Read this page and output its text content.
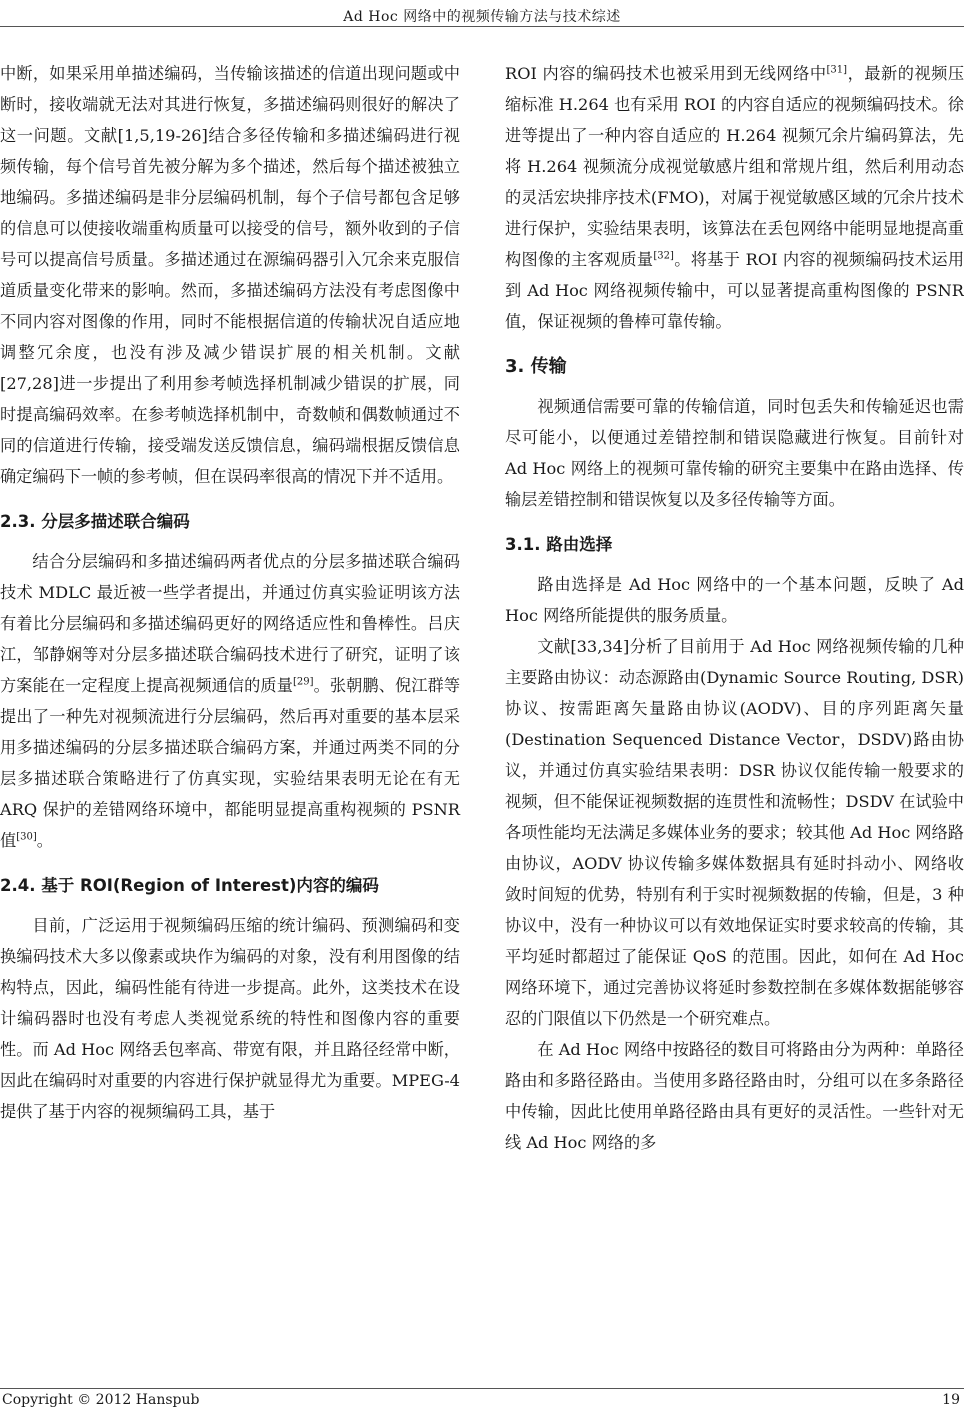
Ad Hoc 网络中的视频传输方法与技术综述

中断，如果采用单描述编码，当传输该描述的信道出现问题或中断时，接收端就无法对其进行恢复，多描述编码则很好的解决了这一问题。文献[1,5,19-26]结合多径传输和多描述编码进行视频传输，每个信号首先被分解为多个描述，然后每个描述被独立地编码。多描述编码是非分层编码机制，每个子信号都包含足够的信息可以使接收端重构质量可以接受的信号，额外收到的子信号可以提高信号质量。多描述通过在源编码器引入冗余来克服信道质量变化带来的影响。然而，多描述编码方法没有考虑图像中不同内容对图像的作用，同时不能根据信道的传输状况自适应地调整冗余度，也没有涉及减少错误扩展的相关机制。文献[27,28]进一步提出了利用参考帧选择机制减少错误的扩展，同时提高编码效率。在参考帧选择机制中，奇数帧和偶数帧通过不同的信道进行传输，接受端发送反馈信息，编码端根据反馈信息确定编码下一帧的参考帧，但在误码率很高的情况下并不适用。

2.3. 分层多描述联合编码

结合分层编码和多描述编码两者优点的分层多描述联合编码技术 MDLC 最近被一些学者提出，并通过仿真实验证明该方法有着比分层编码和多描述编码更好的网络适应性和鲁棒性。吕庆江，邹静娴等对分层多描述联合编码技术进行了研究，证明了该方案能在一定程度上提高视频通信的质量[29]。张朝鹏、倪江群等提出了一种先对视频流进行分层编码，然后再对重要的基本层采用多描述编码的分层多描述联合编码方案，并通过两类不同的分层多描述联合策略进行了仿真实现，实验结果表明无论在有无 ARQ 保护的差错网络环境中，都能明显提高重构视频的 PSNR 值[30]。

2.4. 基于 ROI(Region of Interest)内容的编码

目前，广泛运用于视频编码压缩的统计编码、预测编码和变换编码技术大多以像素或块作为编码的对象，没有利用图像的结构特点，因此，编码性能有待进一步提高。此外，这类技术在设计编码器时也没有考虑人类视觉系统的特性和图像内容的重要性。而 Ad Hoc 网络丢包率高、带宽有限，并且路径经常中断，因此在编码时对重要的内容进行保护就显得尤为重要。MPEG-4 提供了基于内容的视频编码工具，基于

ROI 内容的编码技术也被采用到无线网络中[31]，最新的视频压缩标准 H.264 也有采用 ROI 的内容自适应的视频编码技术。徐进等提出了一种内容自适应的 H.264 视频冗余片编码算法，先将 H.264 视频流分成视觉敏感片组和常规片组，然后利用动态的灵活宏块排序技术(FMO)，对属于视觉敏感区域的冗余片技术进行保护，实验结果表明，该算法在丢包网络中能明显地提高重构图像的主客观质量[32]。将基于 ROI 内容的视频编码技术运用到 Ad Hoc 网络视频传输中，可以显著提高重构图像的 PSNR 值，保证视频的鲁棒可靠传输。

3. 传输

视频通信需要可靠的传输信道，同时包丢失和传输延迟也需尽可能小，以便通过差错控制和错误隐藏进行恢复。目前针对 Ad Hoc 网络上的视频可靠传输的研究主要集中在路由选择、传输层差错控制和错误恢复以及多径传输等方面。

3.1. 路由选择

路由选择是 Ad Hoc 网络中的一个基本问题，反映了 Ad Hoc 网络所能提供的服务质量。

文献[33,34]分析了目前用于 Ad Hoc 网络视频传输的几种主要路由协议：动态源路由(Dynamic Source Routing, DSR)协议、按需距离矢量路由协议(AODV)、目的序列距离矢量(Destination Sequenced Distance Vector，DSDV)路由协议，并通过仿真实验结果表明：DSR 协议仅能传输一般要求的视频，但不能保证视频数据的连贯性和流畅性；DSDV 在试验中各项性能均无法满足多媒体业务的要求；较其他 Ad Hoc 网络路由协议，AODV 协议传输多媒体数据具有延时抖动小、网络收敛时间短的优势，特别有利于实时视频数据的传输，但是，3 种协议中，没有一种协议可以有效地保证实时要求较高的传输，其平均延时都超过了能保证 QoS 的范围。因此，如何在 Ad Hoc 网络环境下，通过完善协议将延时参数控制在多媒体数据能够容忍的门限值以下仍然是一个研究难点。

在 Ad Hoc 网络中按路径的数目可将路由分为两种：单路径路由和多路径路由。当使用多路径路由时，分组可以在多条路径中传输，因此比使用单路径路由具有更好的灵活性。一些针对无线 Ad Hoc 网络的多

Copyright © 2012 Hanspub	19
